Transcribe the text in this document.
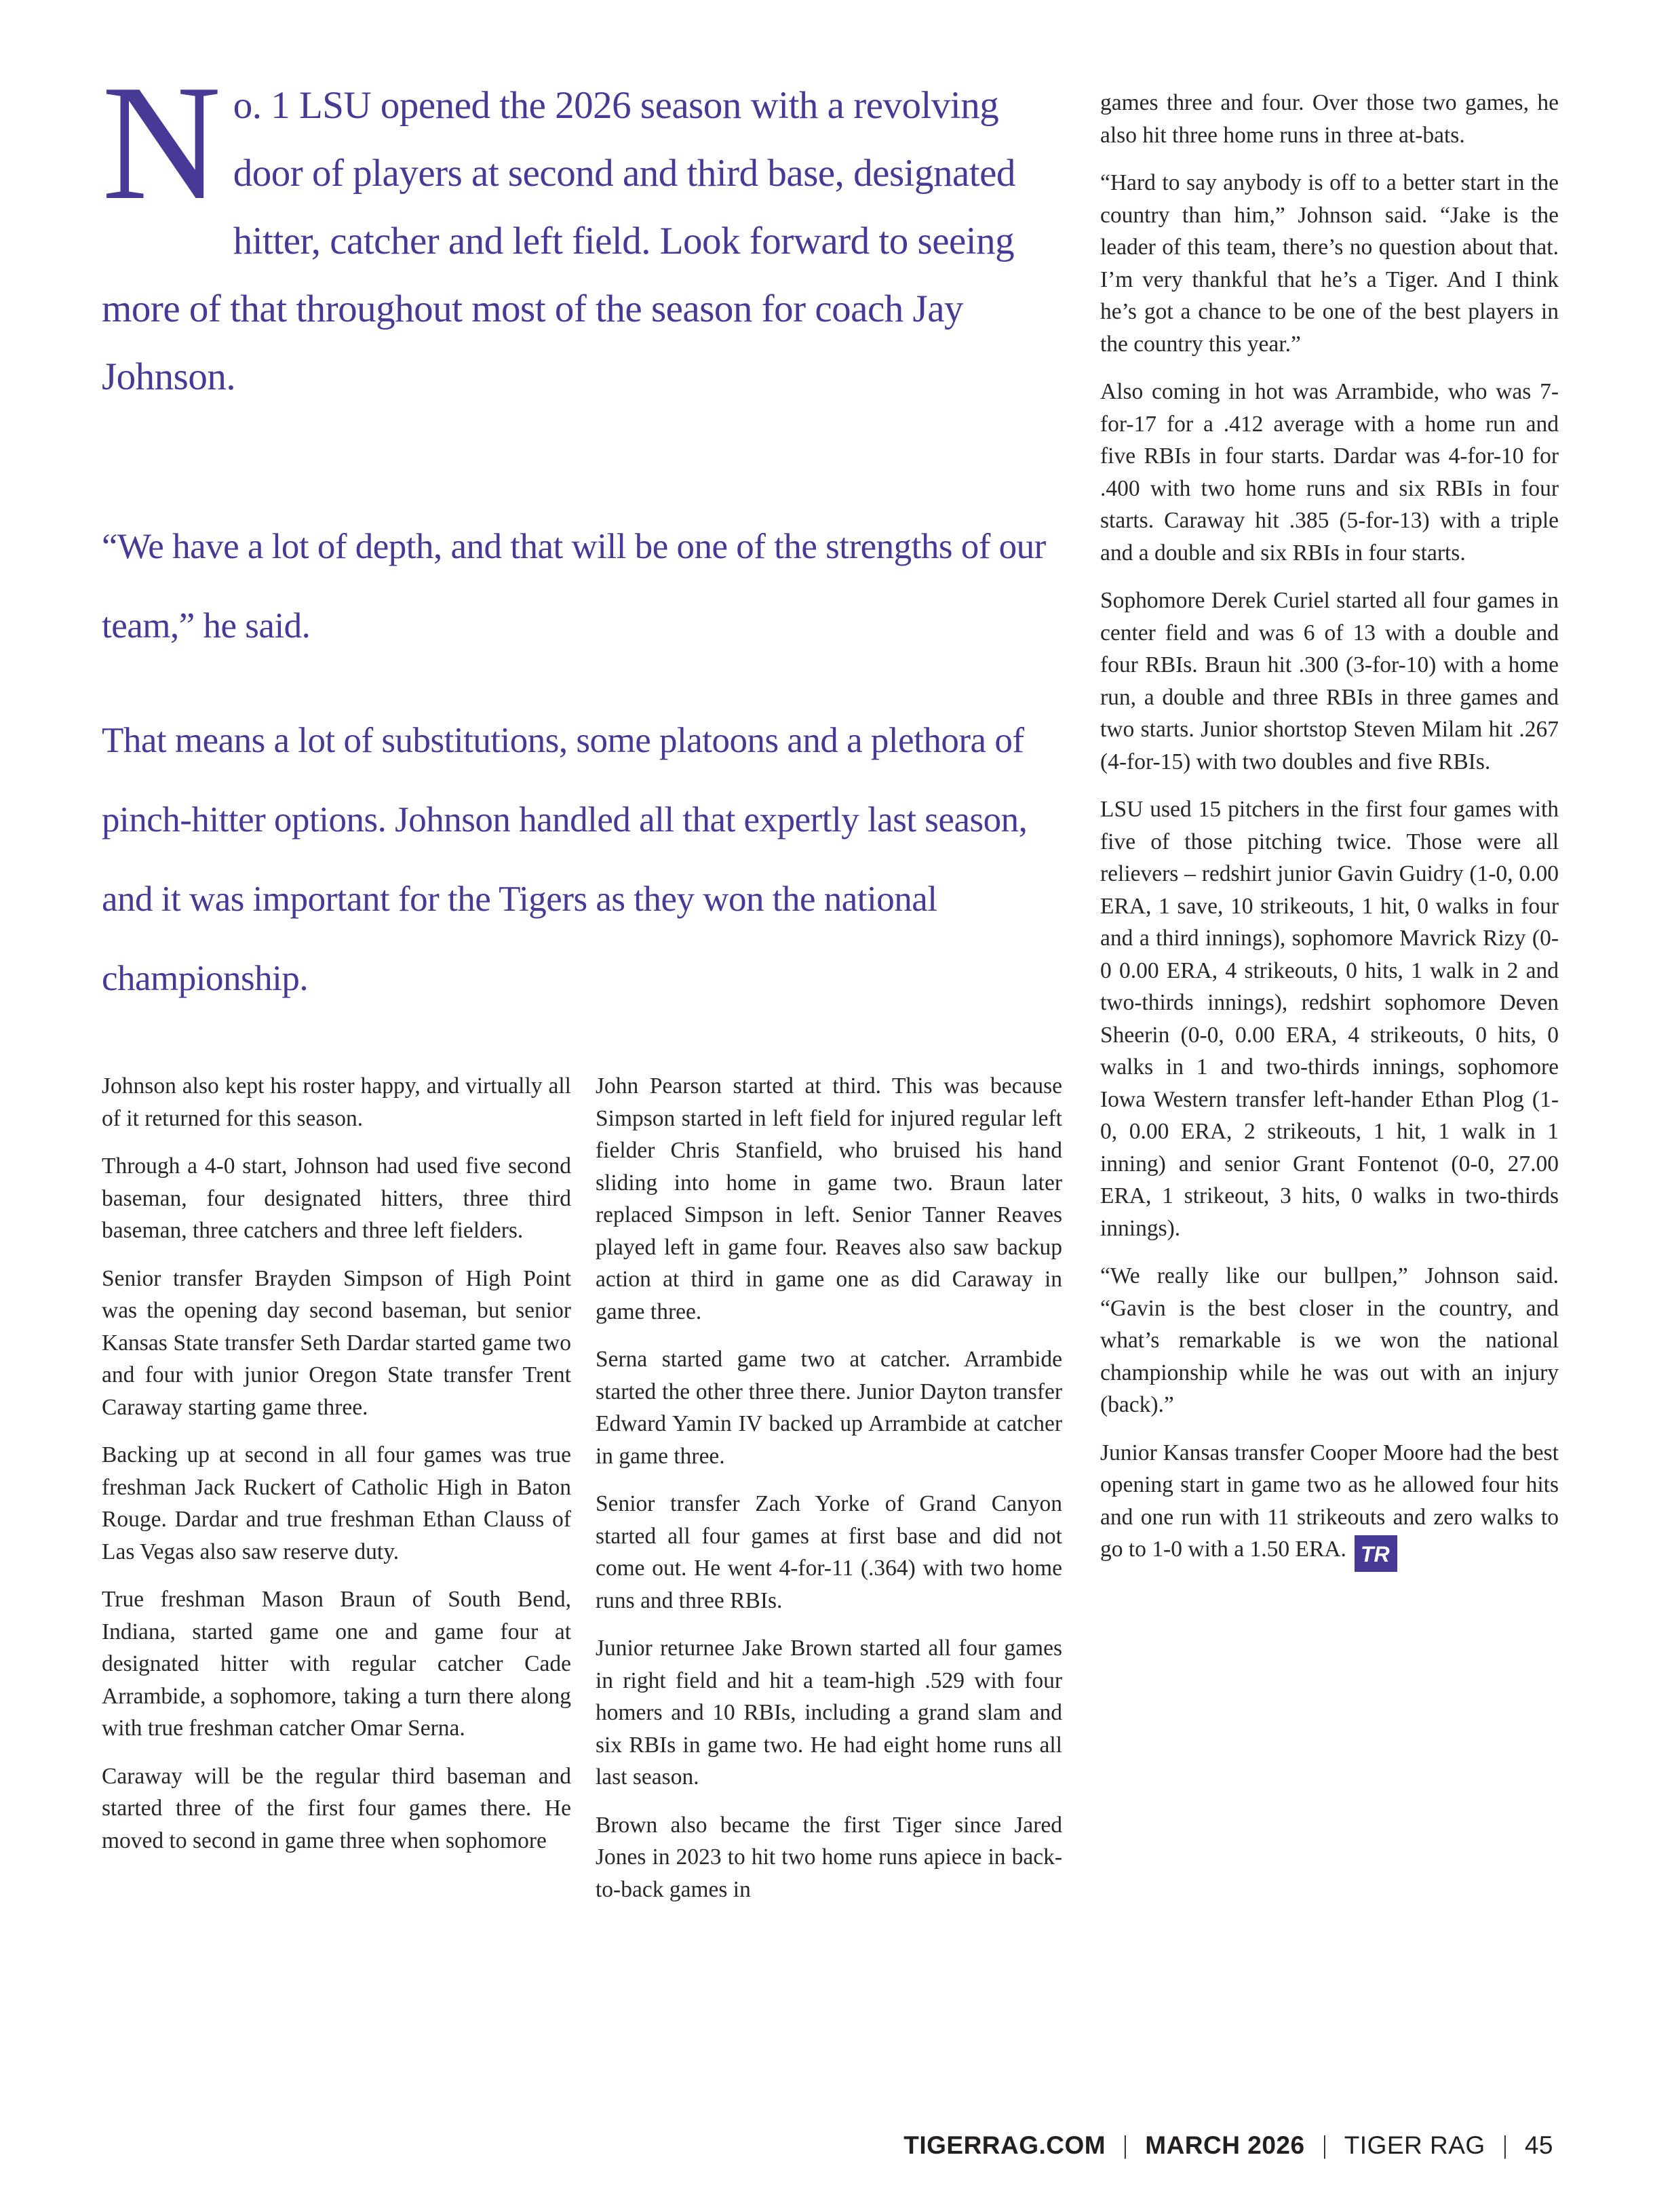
No. 1 LSU opened the 2026 season with a revolving door of players at second and third base, designated hitter, catcher and left field. Look forward to seeing more of that throughout most of the season for coach Jay Johnson.

“We have a lot of depth, and that will be one of the strengths of our team,” he said.

That means a lot of substitutions, some platoons and a plethora of pinch-hitter options. Johnson handled all that expertly last season, and it was important for the Tigers as they won the national championship.

Johnson also kept his roster happy, and virtually all of it returned for this season.

Through a 4-0 start, Johnson had used five second baseman, four designated hitters, three third baseman, three catchers and three left fielders.

Senior transfer Brayden Simpson of High Point was the opening day second baseman, but senior Kansas State transfer Seth Dardar started game two and four with junior Oregon State transfer Trent Caraway starting game three.

Backing up at second in all four games was true freshman Jack Ruckert of Catholic High in Baton Rouge. Dardar and true freshman Ethan Clauss of Las Vegas also saw reserve duty.

True freshman Mason Braun of South Bend, Indiana, started game one and game four at designated hitter with regular catcher Cade Arrambide, a sophomore, taking a turn there along with true freshman catcher Omar Serna.

Caraway will be the regular third baseman and started three of the first four games there. He moved to second in game three when sophomore

John Pearson started at third. This was because Simpson started in left field for injured regular left fielder Chris Stanfield, who bruised his hand sliding into home in game two. Braun later replaced Simpson in left. Senior Tanner Reaves played left in game four. Reaves also saw backup action at third in game one as did Caraway in game three.

Serna started game two at catcher. Arrambide started the other three there. Junior Dayton transfer Edward Yamin IV backed up Arrambide at catcher in game three.

Senior transfer Zach Yorke of Grand Canyon started all four games at first base and did not come out. He went 4-for-11 (.364) with two home runs and three RBIs.

Junior returnee Jake Brown started all four games in right field and hit a team-high .529 with four homers and 10 RBIs, including a grand slam and six RBIs in game two. He had eight home runs all last season.

Brown also became the first Tiger since Jared Jones in 2023 to hit two home runs apiece in back-to-back games in

games three and four. Over those two games, he also hit three home runs in three at-bats.

“Hard to say anybody is off to a better start in the country than him,” Johnson said. “Jake is the leader of this team, there’s no question about that. I’m very thankful that he’s a Tiger. And I think he’s got a chance to be one of the best players in the country this year.”

Also coming in hot was Arrambide, who was 7-for-17 for a .412 average with a home run and five RBIs in four starts. Dardar was 4-for-10 for .400 with two home runs and six RBIs in four starts. Caraway hit .385 (5-for-13) with a triple and a double and six RBIs in four starts.

Sophomore Derek Curiel started all four games in center field and was 6 of 13 with a double and four RBIs. Braun hit .300 (3-for-10) with a home run, a double and three RBIs in three games and two starts. Junior shortstop Steven Milam hit .267 (4-for-15) with two doubles and five RBIs.

LSU used 15 pitchers in the first four games with five of those pitching twice. Those were all relievers – redshirt junior Gavin Guidry (1-0, 0.00 ERA, 1 save, 10 strikeouts, 1 hit, 0 walks in four and a third innings), sophomore Mavrick Rizy (0-0 0.00 ERA, 4 strikeouts, 0 hits, 1 walk in 2 and two-thirds innings), redshirt sophomore Deven Sheerin (0-0, 0.00 ERA, 4 strikeouts, 0 hits, 0 walks in 1 and two-thirds innings, sophomore Iowa Western transfer left-hander Ethan Plog (1-0, 0.00 ERA, 2 strikeouts, 1 hit, 1 walk in 1 inning) and senior Grant Fontenot (0-0, 27.00 ERA, 1 strikeout, 3 hits, 0 walks in two-thirds innings).

“We really like our bullpen,” Johnson said. “Gavin is the best closer in the country, and what’s remarkable is we won the national championship while he was out with an injury (back).”

Junior Kansas transfer Cooper Moore had the best opening start in game two as he allowed four hits and one run with 11 strikeouts and zero walks to go to 1-0 with a 1.50 ERA. TR

TIGERRAG.COM | MARCH 2026 | TIGER RAG | 45
